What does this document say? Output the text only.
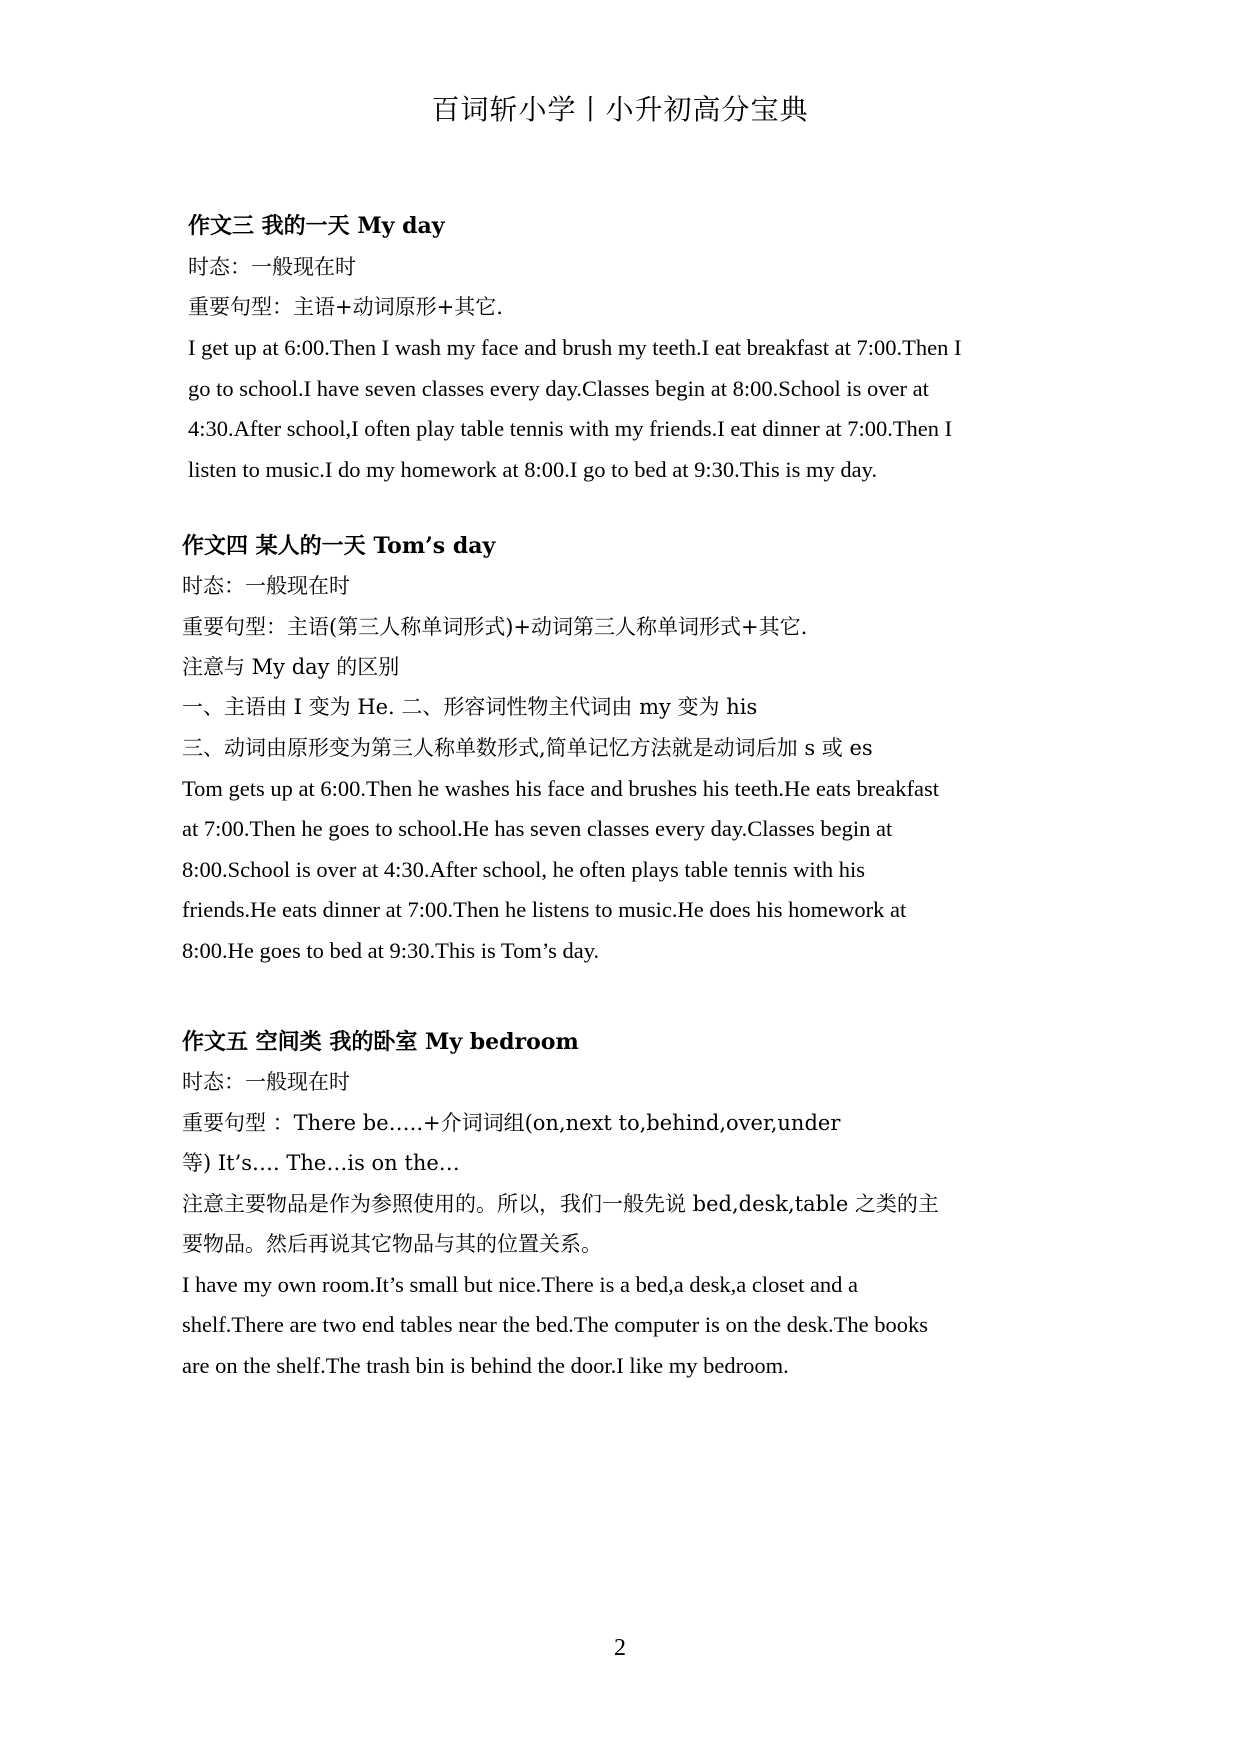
百词斩小学丨小升初高分宝典
作文三 我的一天 My day
时态：一般现在时
重要句型：主语+动词原形+其它.
I get up at 6:00.Then I wash my face and brush my teeth.I eat breakfast at 7:00.Then I
go to school.I have seven classes every day.Classes begin at 8:00.School is over at
4:30.After school,I often play table tennis with my friends.I eat dinner at 7:00.Then I
listen to music.I do my homework at 8:00.I go to bed at 9:30.This is my day.
作文四 某人的一天 Tom’s day
时态：一般现在时
重要句型：主语(第三人称单词形式)+动词第三人称单词形式+其它.
注意与 My day 的区别
一、主语由 I 变为 He. 二、形容词性物主代词由 my 变为 his
三、动词由原形变为第三人称单数形式,简单记忆方法就是动词后加 s 或 es
Tom gets up at 6:00.Then he washes his face and brushes his teeth.He eats breakfast
at 7:00.Then he goes to school.He has seven classes every day.Classes begin at
8:00.School is over at 4:30.After school, he often plays table tennis with his
friends.He eats dinner at 7:00.Then he listens to music.He does his homework at
8:00.He goes to bed at 9:30.This is Tom’s day.
作文五 空间类 我的卧室 My bedroom
时态：一般现在时
重要句型 ：There be…..+介词词组(on,next to,behind,over,under
等) It’s…. The…is on the…
注意主要物品是作为参照使用的。所以，我们一般先说 bed,desk,table 之类的主
要物品。然后再说其它物品与其的位置关系。
I have my own room.It’s small but nice.There is a bed,a desk,a closet and a
shelf.There are two end tables near the bed.The computer is on the desk.The books
are on the shelf.The trash bin is behind the door.I like my bedroom.
2
